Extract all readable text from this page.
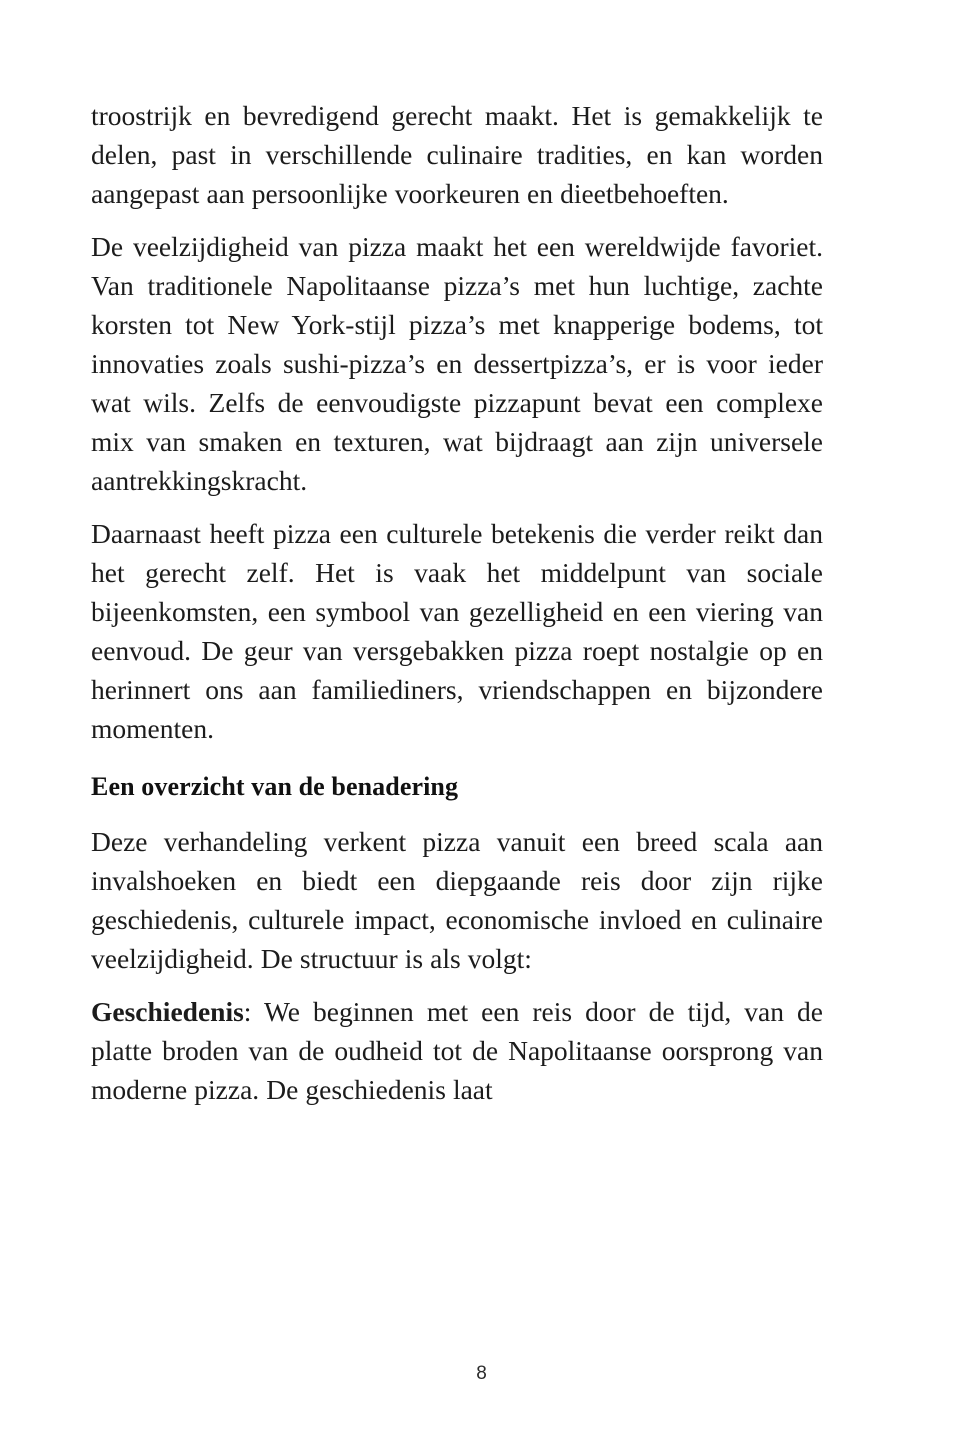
troostrijk en bevredigend gerecht maakt. Het is gemakkelijk te delen, past in verschillende culinaire tradities, en kan worden aangepast aan persoonlijke voorkeuren en dieetbehoeften.

De veelzijdigheid van pizza maakt het een wereldwijde favoriet. Van traditionele Napolitaanse pizza’s met hun luchtige, zachte korsten tot New York-stijl pizza’s met knapperige bodems, tot innovaties zoals sushi-pizza’s en dessertpizza’s, er is voor ieder wat wils. Zelfs de eenvoudigste pizzapunt bevat een complexe mix van smaken en texturen, wat bijdraagt aan zijn universele aantrekkingskracht.

Daarnaast heeft pizza een culturele betekenis die verder reikt dan het gerecht zelf. Het is vaak het middelpunt van sociale bijeenkomsten, een symbool van gezelligheid en een viering van eenvoud. De geur van versgebakken pizza roept nostalgie op en herinnert ons aan familiediners, vriendschappen en bijzondere momenten.

Een overzicht van de benadering

Deze verhandeling verkent pizza vanuit een breed scala aan invalshoeken en biedt een diepgaande reis door zijn rijke geschiedenis, culturele impact, economische invloed en culinaire veelzijdigheid. De structuur is als volgt:

Geschiedenis: We beginnen met een reis door de tijd, van de platte broden van de oudheid tot de Napolitaanse oorsprong van moderne pizza. De geschiedenis laat

8
